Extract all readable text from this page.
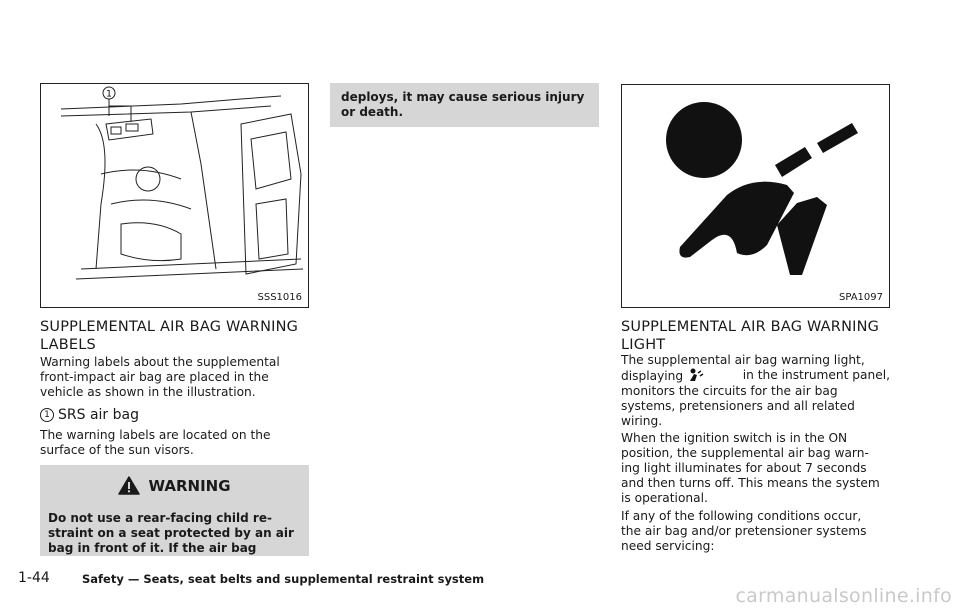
1
SSS1016
SUPPLEMENTAL AIR BAG WARNING
LABELS
Warning labels about the supplemental
front-impact air bag are placed in the
vehicle as shown in the illustration.
1 SRS air bag
The warning labels are located on the
surface of the sun visors.
WARNING
Do not use a rear-facing child re-
straint on a seat protected by an air
bag in front of it. If the air bag
deploys, it may cause serious injury
or death.
SPA1097
SUPPLEMENTAL AIR BAG WARNING
LIGHT
The supplemental air bag warning light,
displaying	in the instrument panel,
monitors the circuits for the air bag
systems, pretensioners and all related
wiring.
When the ignition switch is in the ON
position, the supplemental air bag warn-
ing light illuminates for about 7 seconds
and then turns off. This means the system
is operational.
If any of the following conditions occur,
the air bag and/or pretensioner systems
need servicing:
1-44	Safety — Seats, seat belts and supplemental restraint system
carmanualsonline.info
